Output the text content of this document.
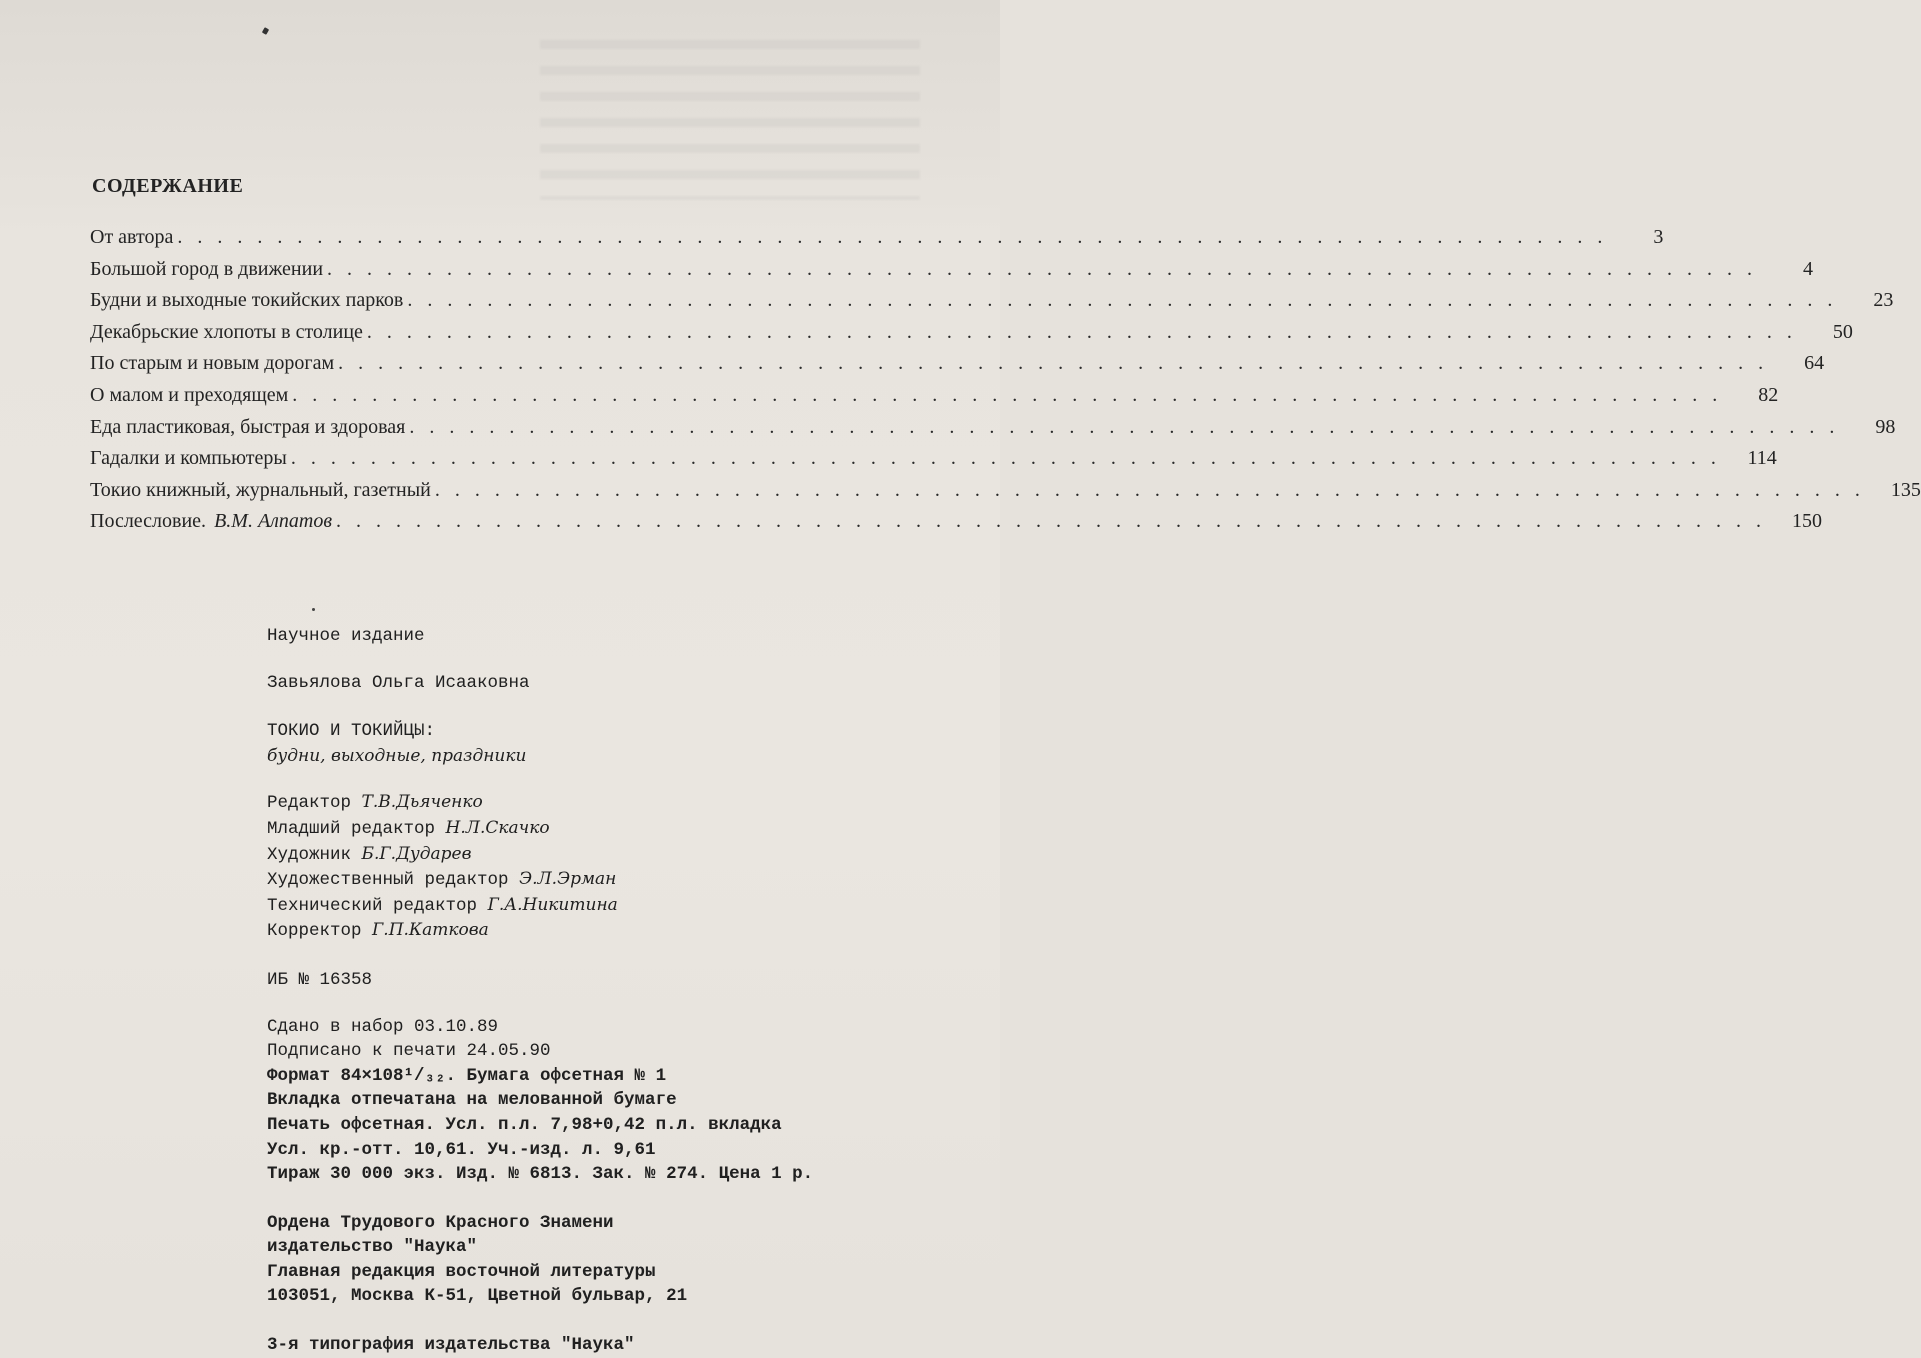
СОДЕРЖАНИЕ
От автора . . .	3
Большой город в движении . . .	4
Будни и выходные токийских парков . . .	23
Декабрьские хлопоты в столице . . .	50
По старым и новым дорогам . . .	64
О малом и преходящем . . .	82
Еда пластиковая, быстрая и здоровая . . .	98
Гадалки и компьютеры . . .	114
Токио книжный, журнальный, газетный . . .	135
Послесловие. В.М. Алпатов . . .	150
Научное издание
Завьялова Ольга Исааковна
ТОКИО И ТОКИЙЦЫ:
будни, выходные, праздники
Редактор Т.В.Дьяченко
Младший редактор Н.Л.Скачко
Художник Б.Г.Дударев
Художественный редактор Э.Л.Эрман
Технический редактор Г.А.Никитина
Корректор Г.П.Каткова
ИБ № 16358
Сдано в набор 03.10.89
Подписано к печати 24.05.90
Формат 84×108¹/₃₂. Бумага офсетная № 1
Вкладка отпечатана на мелованной бумаге
Печать офсетная. Усл. п.л. 7,98+0,42 п.л. вкладка
Усл. кр.-отт. 10,61. Уч.-изд. л. 9,61
Тираж 30 000 экз. Изд. № 6813. Зак. № 274. Цена 1 р.
Ордена Трудового Красного Знамени
издательство "Наука"
Главная редакция восточной литературы
103051, Москва К-51, Цветной бульвар, 21
3-я типография издательства "Наука"
